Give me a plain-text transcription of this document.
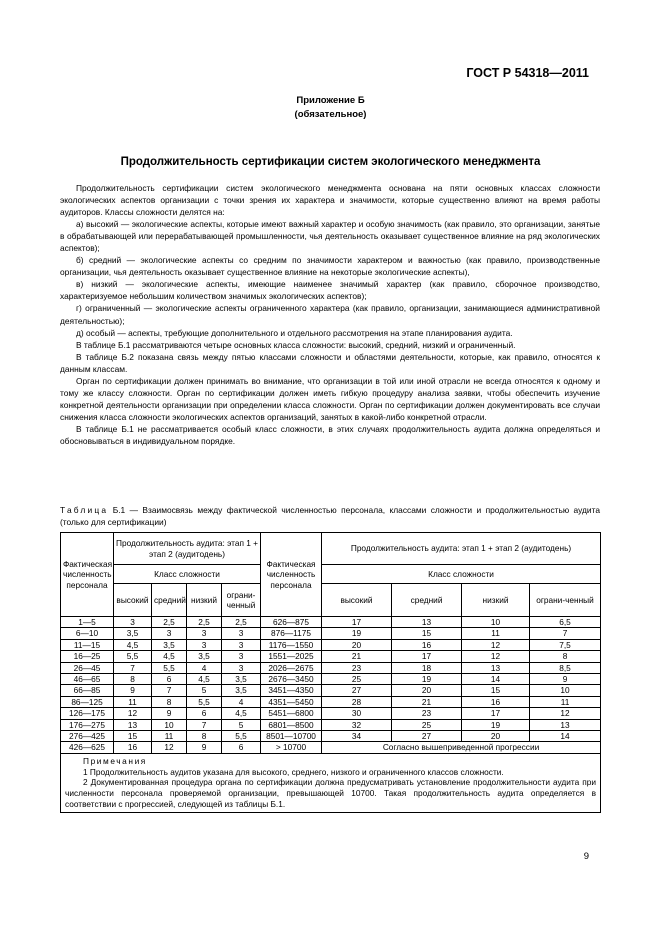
ГОСТ Р 54318—2011
Приложение Б
(обязательное)
Продолжительность сертификации систем экологического менеджмента

Продолжительность сертификации систем экологического менеджмента основана на пяти основных классах сложности экологических аспектов организации с точки зрения их характера и значимости, которые существенно влияют на время работы аудиторов. Классы сложности делятся на:

а) высокий — экологические аспекты, которые имеют важный характер и особую значимость (как правило, это организации, занятые в обрабатывающей или перерабатывающей промышленности, чья деятельность оказывает существенное влияние на ряд экологических аспектов);

б) средний — экологические аспекты со средним по значимости характером и важностью (как правило, производственные организации, чья деятельность оказывает существенное влияние на некоторые экологические аспекты),

в) низкий — экологические аспекты, имеющие наименее значимый характер (как правило, сборочное производство, характеризуемое небольшим количеством значимых экологических аспектов);

г) ограниченный — экологические аспекты ограниченного характера (как правило, организации, занимающиеся административной деятельностью);

д) особый — аспекты, требующие дополнительного и отдельного рассмотрения на этапе планирования аудита.

В таблице Б.1 рассматриваются четыре основных класса сложности: высокий, средний, низкий и ограниченный.

В таблице Б.2 показана связь между пятью классами сложности и областями деятельности, которые, как правило, относятся к данным классам.

Орган по сертификации должен принимать во внимание, что организации в той или иной отрасли не всегда относятся к одному и тому же классу сложности. Орган по сертификации должен иметь гибкую процедуру анализа заявки, чтобы обеспечить изучение конкретной деятельности организации при определении класса сложности. Орган по сертификации должен документировать все случаи снижения класса сложности экологических аспектов организаций, занятых в какой-либо конкретной отрасли.

В таблице Б.1 не рассматривается особый класс сложности, в этих случаях продолжительность аудита должна определяться и обосновываться в индивидуальном порядке.

Таблица Б.1 — Взаимосвязь между фактической численностью персонала, классами сложности и продолжительностью аудита (только для сертификации)
Фактическая численность персонала	Продолжительность аудита: этап 1 + этап 2 (аудитодень)				Фактическая численность персонала	Продолжительность аудита: этап 1 + этап 2 (аудитодень)			
	Класс сложности					Класс сложности			
	высокий	средний	низкий	ограни-ченный		высокий	средний	низкий	ограни-ченный
1—5	3	2,5	2,5	2,5	626—875	17	13	10	6,5
6—10	3,5	3	3	3	876—1175	19	15	11	7
11—15	4,5	3,5	3	3	1176—1550	20	16	12	7,5
16—25	5,5	4,5	3,5	3	1551—2025	21	17	12	8
26—45	7	5,5	4	3	2026—2675	23	18	13	8,5
46—65	8	6	4,5	3,5	2676—3450	25	19	14	9
66—85	9	7	5	3,5	3451—4350	27	20	15	10
86—125	11	8	5,5	4	4351—5450	28	21	16	11
126—175	12	9	6	4,5	5451—6800	30	23	17	12
176—275	13	10	7	5	6801—8500	32	25	19	13
276—425	15	11	8	5,5	8501—10700	34	27	20	14
426—625	16	12	9	6	> 10700	Согласно вышеприведенной прогрессии			

Примечания

1 Продолжительность аудитов указана для высокого, среднего, низкого и ограниченного классов сложности.

2 Документированная процедура органа по сертификации должна предусматривать установление продолжительности аудита при численности персонала проверяемой организации, превышающей 10700. Такая продолжительность аудита определяется в соответствии с прогрессией, следующей из таблицы Б.1.									

9
